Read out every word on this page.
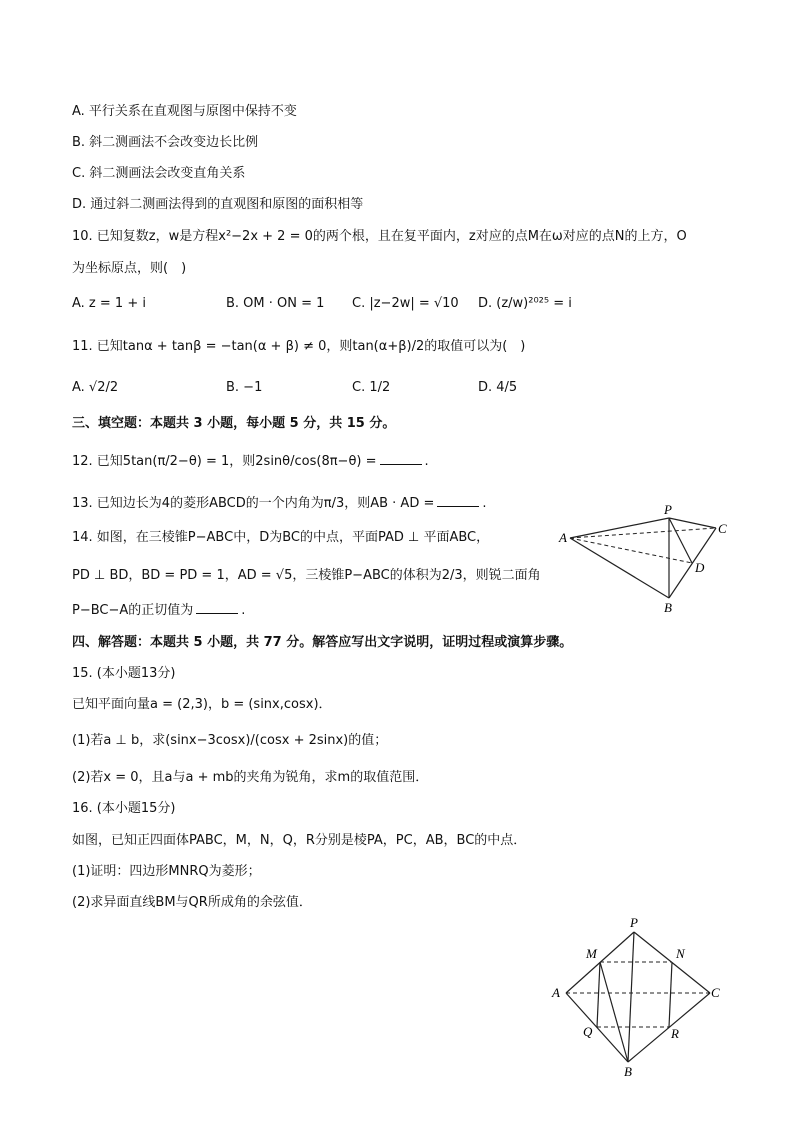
A. 平行关系在直观图与原图中保持不变
B. 斜二测画法不会改变边长比例
C. 斜二测画法会改变直角关系
D. 通过斜二测画法得到的直观图和原图的面积相等
10. 已知复数z，w是方程x²−2x + 2 = 0的两个根，且在复平面内，z对应的点M在ω对应的点N的上方，O
为坐标原点，则(　)
A. z = 1 + i	B. OM · ON = 1 C. |z−2w| = √10 D. (z/w)²⁰²⁵ = i
11. 已知tanα + tanβ = −tan(α + β) ≠ 0，则tan(α+β)/2的取值可以为(　)
A. √2/2	B. −1	C. 1/2	D. 4/5
三、填空题：本题共 3 小题，每小题 5 分，共 15 分。
12. 已知5tan(π/2−θ) = 1，则2sinθ/cos(8π−θ) =	.
13. 已知边长为4的菱形ABCD的一个内角为π/3，则AB · AD =	.
14. 如图，在三棱锥P−ABC中，D为BC的中点，平面PAD ⊥ 平面ABC，
PD ⊥ BD，BD = PD = 1，AD = √5，三棱锥P−ABC的体积为2/3，则锐二面角
P−BC−A的正切值为	.
P
A
C
D
B
四、解答题：本题共 5 小题，共 77 分。解答应写出文字说明，证明过程或演算步骤。
15. (本小题13分)
已知平面向量a = (2,3)，b = (sinx,cosx)．
(1)若a ⊥ b，求(sinx−3cosx)/(cosx + 2sinx)的值；
(2)若x = 0，且a与a + mb的夹角为锐角，求m的取值范围．
16. (本小题15分)
如图，已知正四面体PABC，M，N，Q，R分别是棱PA，PC，AB，BC的中点．
(1)证明：四边形MNRQ为菱形；
(2)求异面直线BM与QR所成角的余弦值．
P
M	N
A	C
Q	R
B
